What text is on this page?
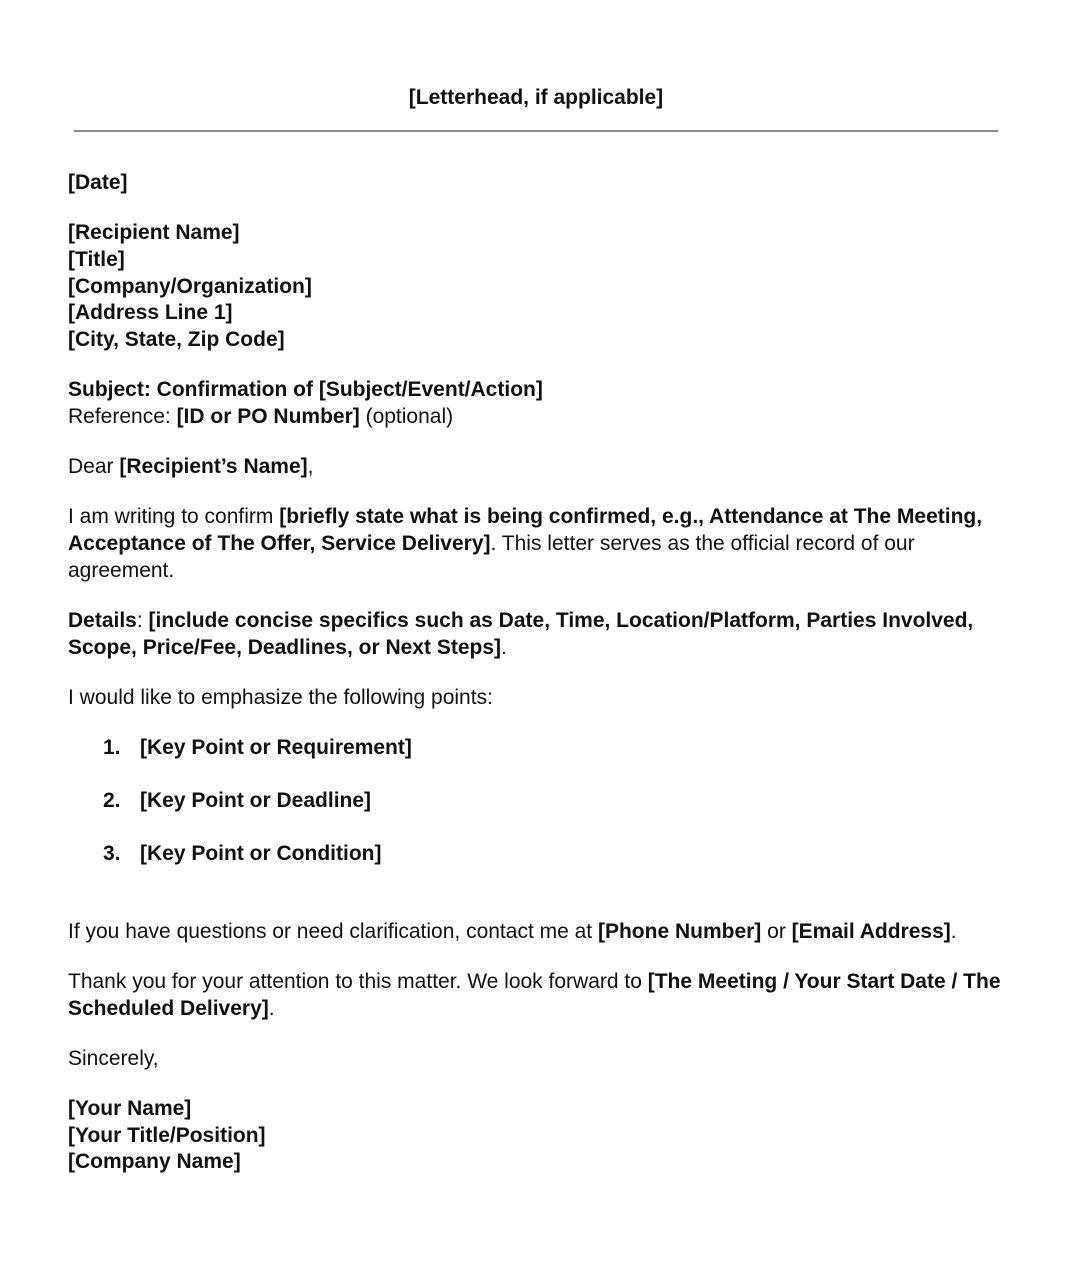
[Letterhead, if applicable]
[Date]
[Recipient Name]
[Title]
[Company/Organization]
[Address Line 1]
[City, State, Zip Code]
Subject: Confirmation of [Subject/Event/Action]
Reference: [ID or PO Number] (optional)
Dear [Recipient’s Name],
I am writing to confirm [briefly state what is being confirmed, e.g., Attendance at The Meeting, Acceptance of The Offer, Service Delivery]. This letter serves as the official record of our agreement.
Details: [include concise specifics such as Date, Time, Location/Platform, Parties Involved, Scope, Price/Fee, Deadlines, or Next Steps].
I would like to emphasize the following points:
1. [Key Point or Requirement]
2. [Key Point or Deadline]
3. [Key Point or Condition]
If you have questions or need clarification, contact me at [Phone Number] or [Email Address].
Thank you for your attention to this matter. We look forward to [The Meeting / Your Start Date / The Scheduled Delivery].
Sincerely,
[Your Name]
[Your Title/Position]
[Company Name]
